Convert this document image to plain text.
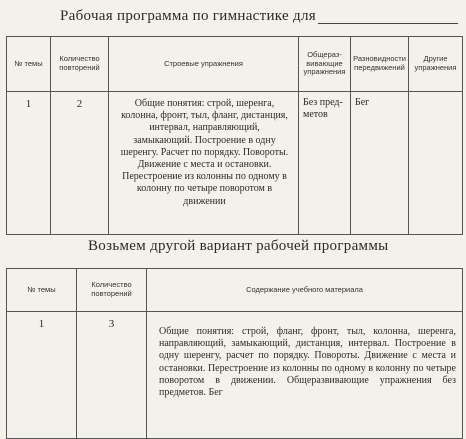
Рабочая программа по гимнастике для
№ темы	Количество повторений	Строевые упражнения	Общеразвивающие упражнения	Разновидности передвижений	Другие упражнения
1	2	Общие понятия: строй, шеренга, колонна, фронт, тыл, фланг, дистанция, интервал, направляющий, замыкающий. Построение в одну шеренгу. Расчет по порядку. Повороты. Движение с места и остановки. Перестроение из колонны по одному в колонну по четыре поворотом в движении	Без предметов	Бег	
Возьмем другой вариант рабочей программы
№ темы	Количество повторений	Содержание учебного материала
1	3	Общие понятия: строй, фланг, фронт, тыл, колонна, шеренга, направляющий, замыкающий, дистанция, интервал. Построение в одну шеренгу, расчет по порядку. Повороты. Движение с места и остановки. Перестроение из колонны по одному в колонну по четыре поворотом в движении. Общеразвивающие упражнения без предметов. Бег
